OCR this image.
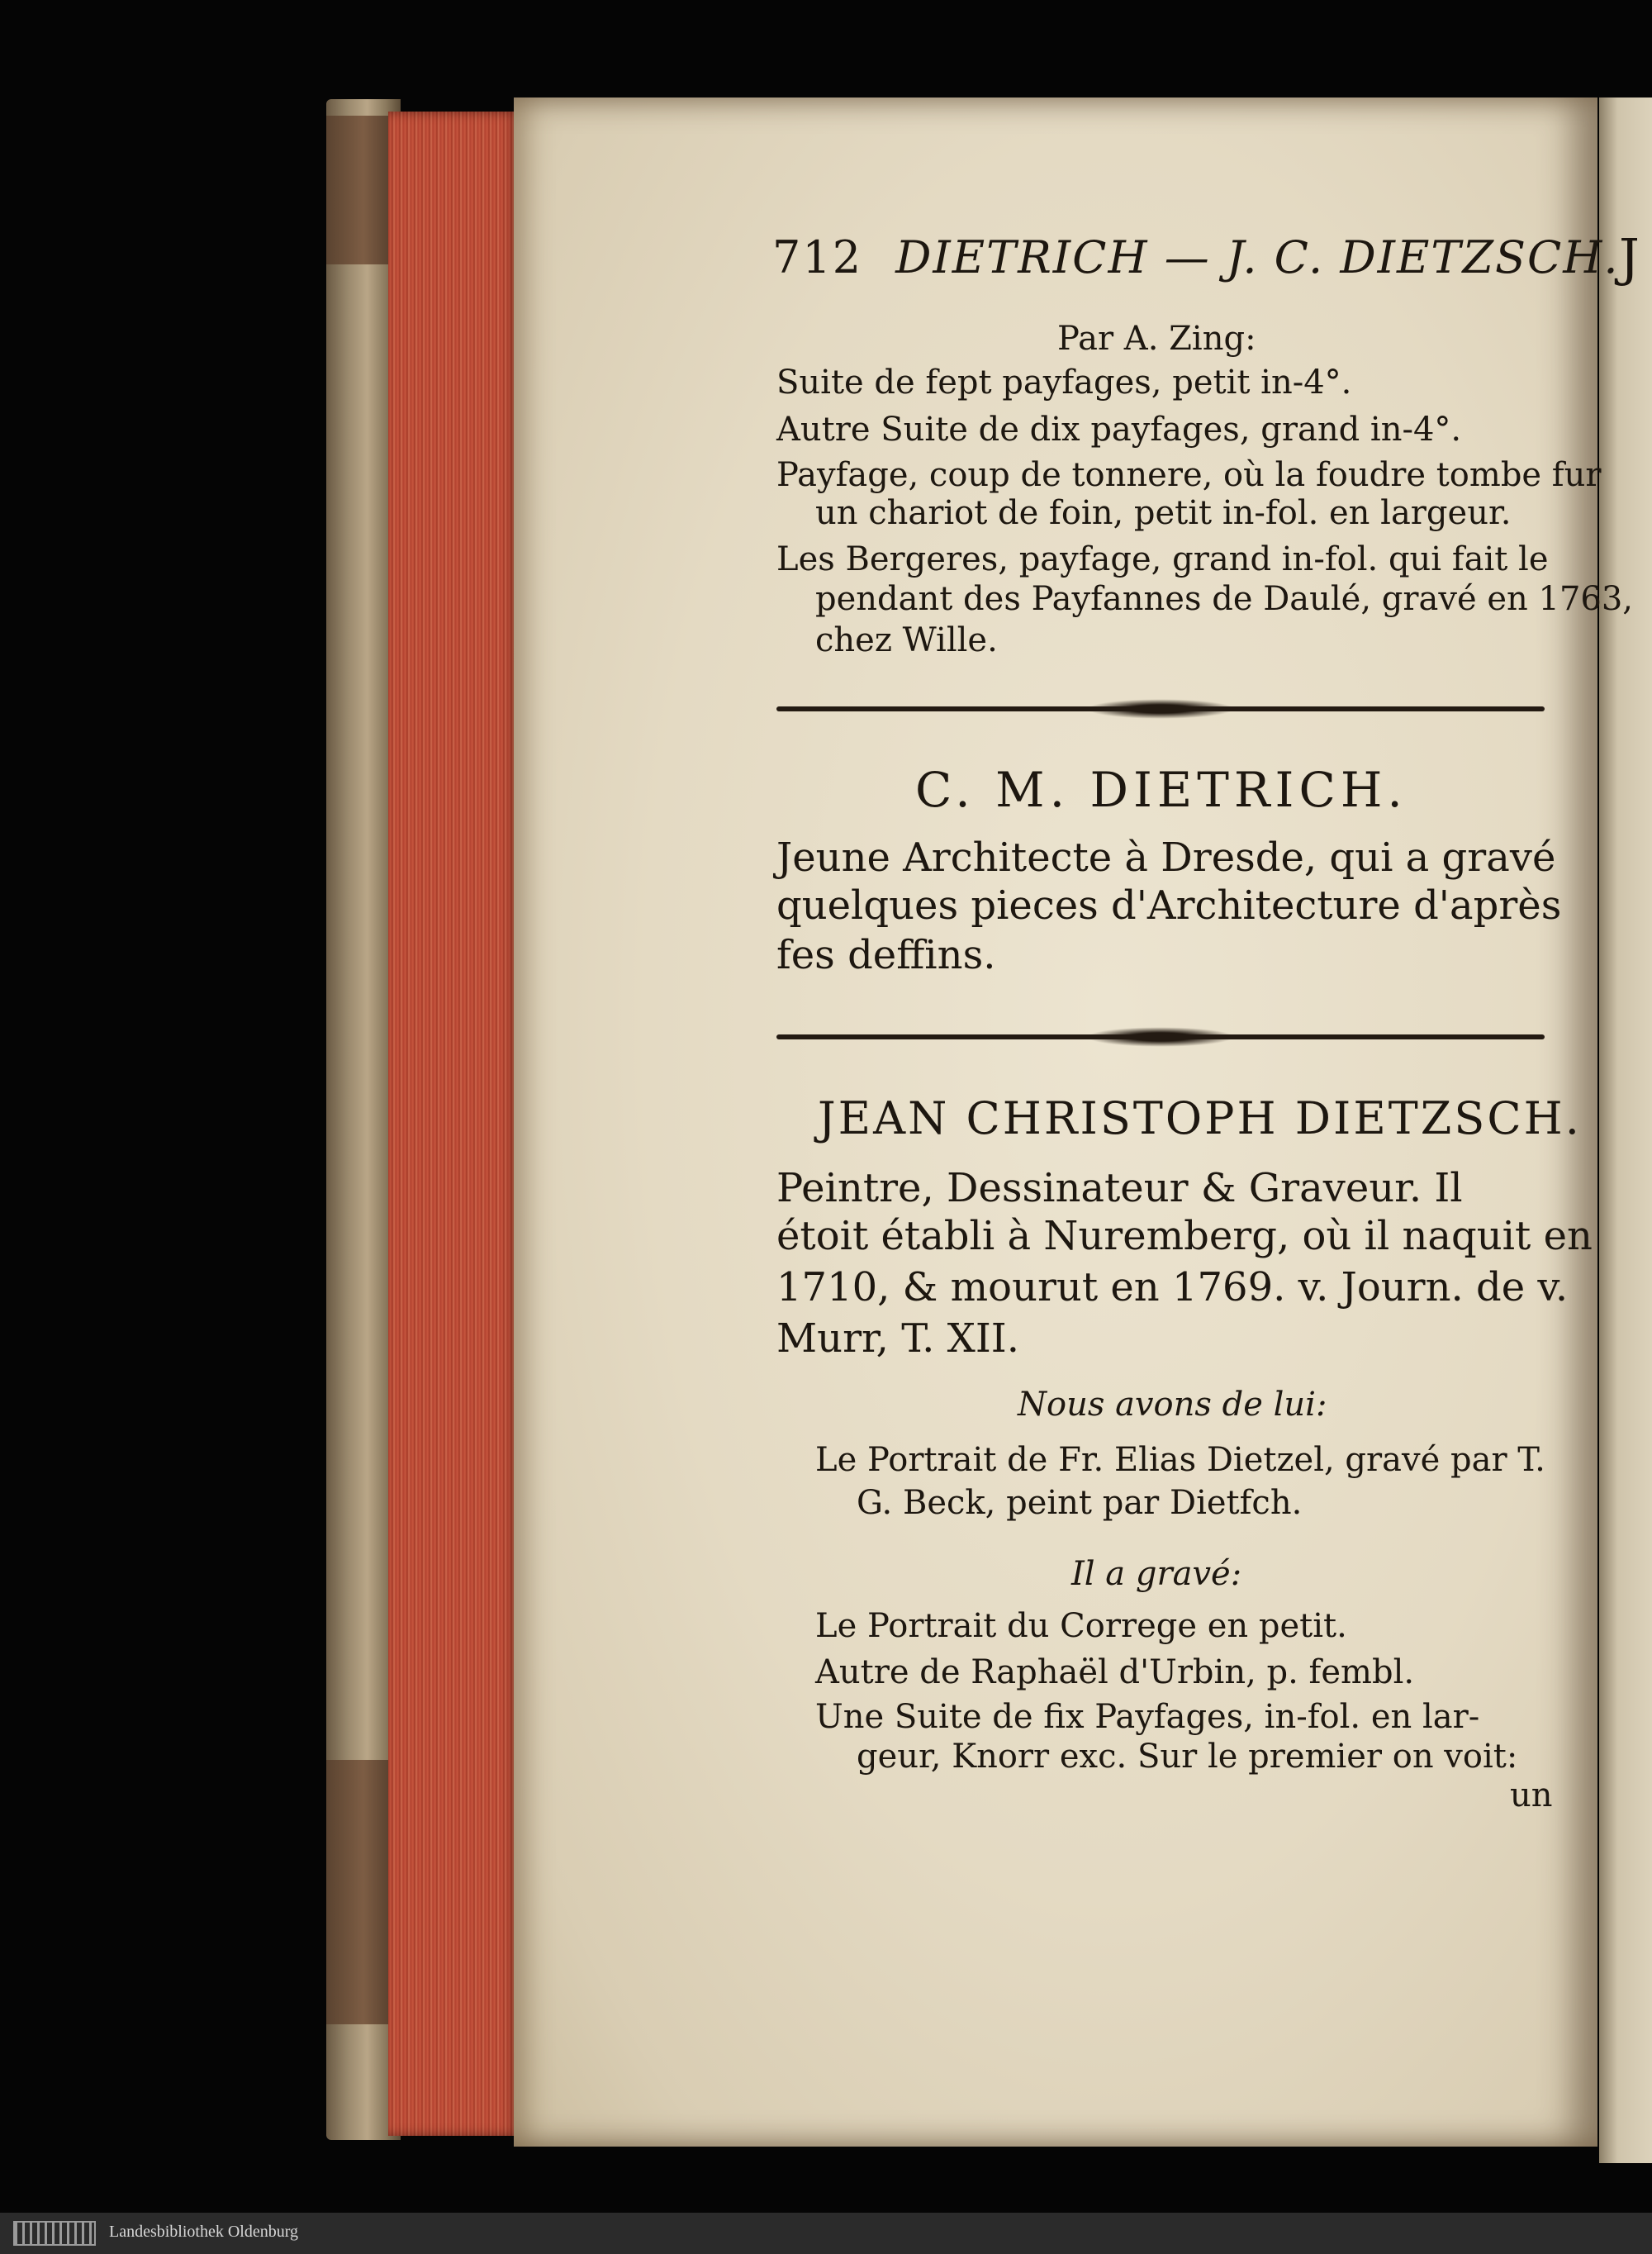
J
712 DIETRICH — J. C. DIETZSCH.
Par A. Zing:
Suite de fept payfages, petit in-4°.
Autre Suite de dix payfages, grand in-4°.
Payfage, coup de tonnere, où la foudre tombe fur
un chariot de foin, petit in-fol. en largeur.
Les Bergeres, payfage, grand in-fol. qui fait le
pendant des Payfannes de Daulé, gravé en 1763,
chez Wille.
C. M. DIETRICH.
Jeune Architecte à Dresde, qui a gravé
quelques pieces d'Architecture d'après
fes deffins.
JEAN CHRISTOPH DIETZSCH.
Peintre, Dessinateur & Graveur. Il
étoit établi à Nuremberg, où il naquit en
1710, & mourut en 1769. v. Journ. de v.
Murr, T. XII.
Nous avons de lui:
Le Portrait de Fr. Elias Dietzel, gravé par T.
G. Beck, peint par Dietfch.
Il a gravé:
Le Portrait du Correge en petit.
Autre de Raphaël d'Urbin, p. fembl.
Une Suite de fix Payfages, in-fol. en lar-
geur, Knorr exc. Sur le premier on voit:
un
Landesbibliothek Oldenburg
